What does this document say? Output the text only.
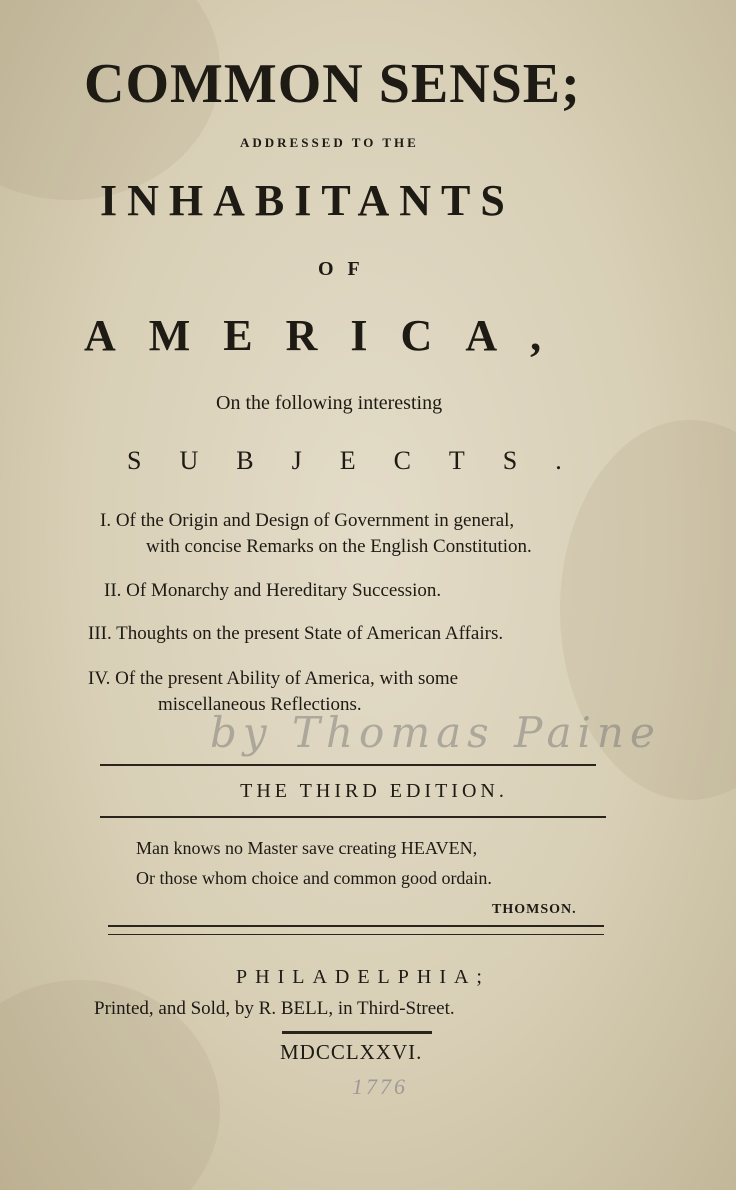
COMMON SENSE;
ADDRESSED TO THE
INHABITANTS
OF
AMERICA,
On the following interesting
SUBJECTS.
I. Of the Origin and Design of Government in general,
with concise Remarks on the English Constitution.
II. Of Monarchy and Hereditary Succession.
III. Thoughts on the present State of American Affairs.
IV. Of the present Ability of America, with some
miscellaneous Reflections.
by Thomas Paine
THE THIRD EDITION.
Man knows no Master save creating HEAVEN,
Or those whom choice and common good ordain.
THOMSON.
PHILADELPHIA;
Printed, and Sold, by R. BELL, in Third-Street.
MDCCLXXVI.
1776
